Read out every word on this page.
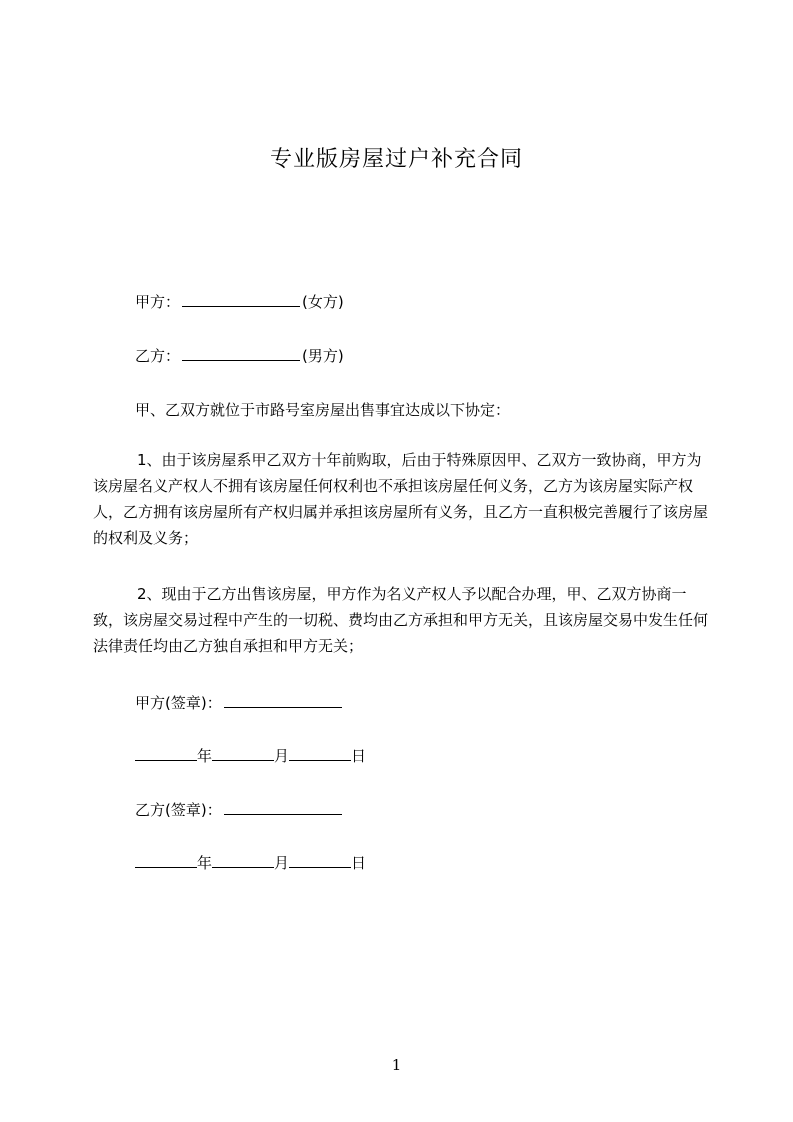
专业版房屋过户补充合同
甲方：	(女方)
乙方：	(男方)
甲、乙双方就位于市路号室房屋出售事宜达成以下协定：
1、由于该房屋系甲乙双方十年前购取，后由于特殊原因甲、乙双方一致协商，甲方为该房屋名义产权人不拥有该房屋任何权利也不承担该房屋任何义务，乙方为该房屋实际产权人，乙方拥有该房屋所有产权归属并承担该房屋所有义务，且乙方一直积极完善履行了该房屋的权利及义务；
2、现由于乙方出售该房屋，甲方作为名义产权人予以配合办理，甲、乙双方协商一致，该房屋交易过程中产生的一切税、费均由乙方承担和甲方无关，且该房屋交易中发生任何法律责任均由乙方独自承担和甲方无关；
甲方(签章)：
年	月	日
乙方(签章)：
年	月	日
1
